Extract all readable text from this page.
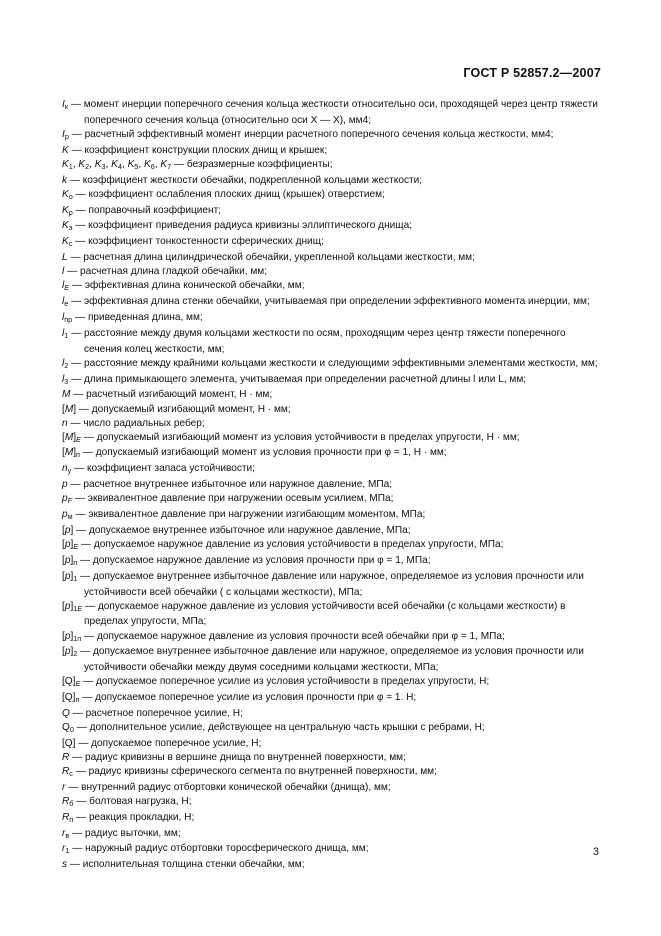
ГОСТ Р 52857.2—2007
$I_к$ — момент инерции поперечного сечения кольца жесткости относительно оси, проходящей через центр тяжести поперечного сечения кольца (относительно оси X — X), мм4;
$I_р$ — расчетный эффективный момент инерции расчетного поперечного сечения кольца жесткости, мм4;
K — коэффициент конструкции плоских днищ и крышек;
$K_1$, $K_2$, $K_3$, $K_4$, $K_5$, $K_6$, $K_7$ — безразмерные коэффициенты;
k — коэффициент жесткости обечайки, подкрепленной кольцами жесткости;
$K_о$ — коэффициент ослабления плоских днищ (крышек) отверстием;
$K_р$ — поправочный коэффициент;
$K_э$ — коэффициент приведения радиуса кривизны эллиптического днища;
$K_с$ — коэффициент тонкостенности сферических днищ;
L — расчетная длина цилиндрической обечайки, укрепленной кольцами жесткости, мм;
l — расчетная длина гладкой обечайки, мм;
lE — эффективная длина конической обечайки, мм;
$l_е$ — эффективная длина стенки обечайки, учитываемая при определении эффективного момента инерции, мм;
$l_{пр}$ — приведенная длина, мм;
$l_1$ — расстояние между двумя кольцами жесткости по осям, проходящим через центр тяжести поперечного сечения колец жесткости, мм;
$l_2$ — расстояние между крайними кольцами жесткости и следующими эффективными элементами жесткости, мм;
$l_3$ — длина примыкающего элемента, учитываемая при определении расчетной длины l или L, мм;
M — расчетный изгибающий момент, Н · мм;
[M] — допускаемый изгибающий момент, Н · мм;
n — число радиальных ребер;
[M]E — допускаемый изгибающий момент из условия устойчивости в пределах упругости, Н · мм;
$[M]_п$ — допускаемый изгибающий момент из условия прочности при φ = 1, Н · мм;
$n_у$ — коэффициент запаса устойчивости;
p — расчетное внутреннее избыточное или наружное давление, МПа;
pF — эквивалентное давление при нагружении осевым усилием, МПа;
$p_м$ — эквивалентное давление при нагружении изгибающим моментом, МПа;
[p] — допускаемое внутреннее избыточное или наружное давление, МПа;
[p]E — допускаемое наружное давление из условия устойчивости в пределах упругости, МПа;
$[p]_п$ — допускаемое наружное давление из условия прочности при φ = 1, МПа;
$[p]_1$ — допускаемое внутреннее избыточное давление или наружное, определяемое из условия прочности или устойчивости всей обечайки ( с кольцами жесткости), МПа;
$[p]_{1E}$ — допускаемое наружное давление из условия устойчивости всей обечайки (с кольцами жесткости) в пределах упругости, МПа;
$[p]_{1п}$ — допускаемое наружное давление из условия прочности всей обечайки при φ = 1, МПа;
$[p]_2$ — допускаемое внутреннее избыточное давление или наружное, определяемое из условия прочности или устойчивости обечайки между двумя соседними кольцами жесткости, МПа;
[Q]E — допускаемое поперечное усилие из условия устойчивости в пределах упругости, Н;
$[Q]_п$ — допускаемое поперечное усилие из условия прочности при φ = 1. Н;
Q — расчетное поперечное усилие, Н;
$Q_0$ — дополнительное усилие, действующее на центральную часть крышки с ребрами, Н;
[Q] — допускаемое поперечное усилие, Н;
R — радиус кривизны в вершине днища по внутренней поверхности, мм;
$R_с$ — радиус кривизны сферического сегмента по внутренней поверхности, мм;
r — внутренний радиус отбортовки конической обечайки (днища), мм;
$R_б$ — болтовая нагрузка, Н;
$R_п$ — реакция прокладки, Н;
$r_в$ — радиус выточки, мм;
$r_1$ — наружный радиус отбортовки торосферического днища, мм;
s — исполнительная толщина стенки обечайки, мм;
3
